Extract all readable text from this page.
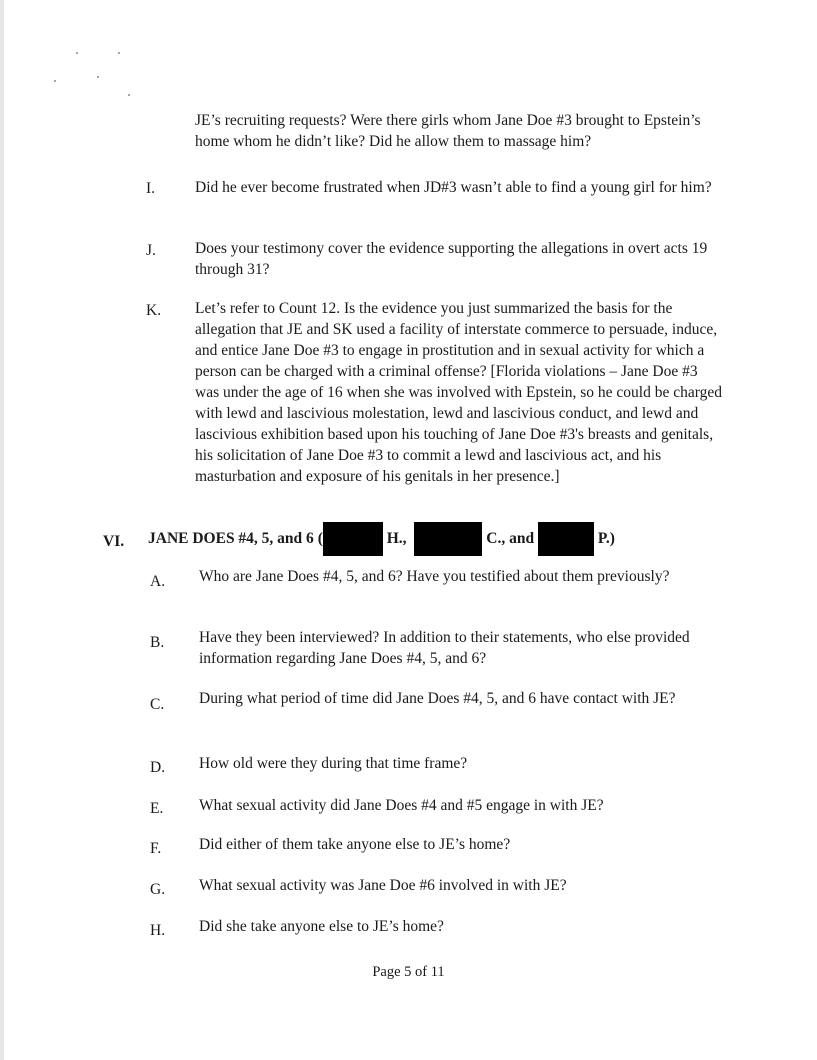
JE’s recruiting requests? Were there girls whom Jane Doe #3 brought to Epstein’s home whom he didn’t like? Did he allow them to massage him?
I.	Did he ever become frustrated when JD#3 wasn’t able to find a young girl for him?
J.	Does your testimony cover the evidence supporting the allegations in overt acts 19 through 31?
K. Let’s refer to Count 12. Is the evidence you just summarized the basis for the allegation that JE and SK used a facility of interstate commerce to persuade, induce, and entice Jane Doe #3 to engage in prostitution and in sexual activity for which a person can be charged with a criminal offense? [Florida violations – Jane Doe #3 was under the age of 16 when she was involved with Epstein, so he could be charged with lewd and lascivious molestation, lewd and lascivious conduct, and lewd and lascivious exhibition based upon his touching of Jane Doe #3's breasts and genitals, his solicitation of Jane Doe #3 to commit a lewd and lascivious act, and his masturbation and exposure of his genitals in her presence.]
VI. JANE DOES #4, 5, and 6 (	H.,	C., and	P.)
A. Who are Jane Does #4, 5, and 6? Have you testified about them previously?
B. Have they been interviewed? In addition to their statements, who else provided information regarding Jane Does #4, 5, and 6?
C. During what period of time did Jane Does #4, 5, and 6 have contact with JE?
D. How old were they during that time frame?
E. What sexual activity did Jane Does #4 and #5 engage in with JE?
F. Did either of them take anyone else to JE’s home?
G. What sexual activity was Jane Doe #6 involved in with JE?
H. Did she take anyone else to JE’s home?
Page 5 of 11
